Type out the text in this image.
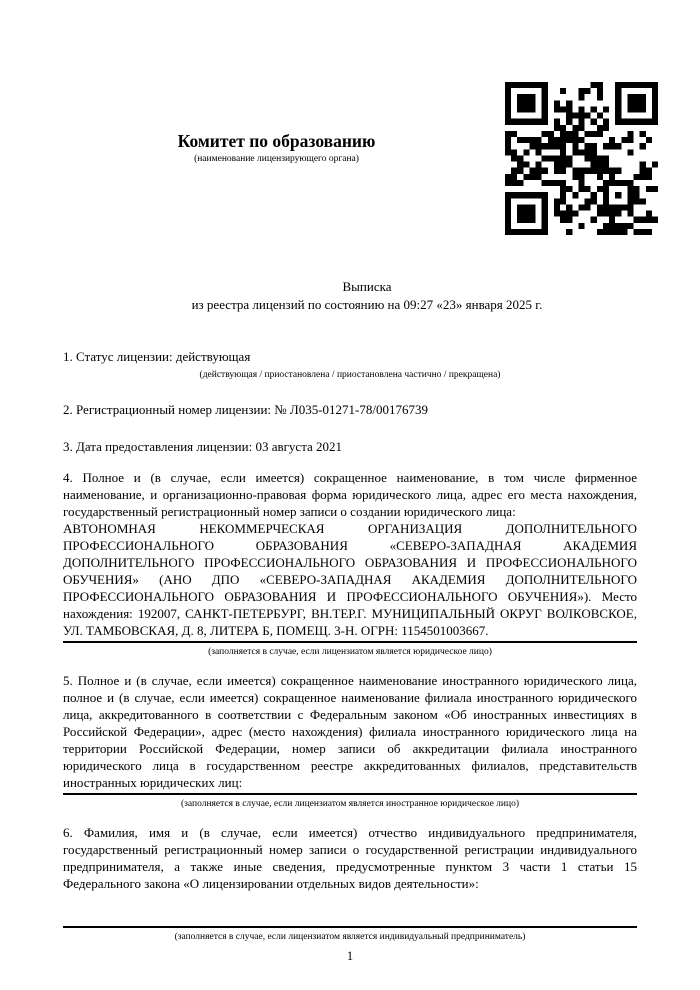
Комитет по образованию
(наименование лицензирующего органа)
Выписка
из реестра лицензий по состоянию на 09:27 «23» января 2025 г.

1. Статус лицензии: действующая

(действующая / приостановлена / приостановлена частично / прекращена)

2. Регистрационный номер лицензии: № Л035-01271-78/00176739

3. Дата предоставления лицензии: 03 августа 2021

4. Полное и (в случае, если имеется) сокращенное наименование, в том числе фирменное наименование, и организационно-правовая форма юридического лица, адрес его места нахождения, государственный регистрационный номер записи о создании юридического лица:

АВТОНОМНАЯ НЕКОММЕРЧЕСКАЯ ОРГАНИЗАЦИЯ ДОПОЛНИТЕЛЬНОГО ПРОФЕССИОНАЛЬНОГО ОБРАЗОВАНИЯ «СЕВЕРО-ЗАПАДНАЯ АКАДЕМИЯ ДОПОЛНИТЕЛЬНОГО ПРОФЕССИОНАЛЬНОГО ОБРАЗОВАНИЯ И ПРОФЕССИОНАЛЬНОГО ОБУЧЕНИЯ» (АНО ДПО «СЕВЕРО-ЗАПАДНАЯ АКАДЕМИЯ ДОПОЛНИТЕЛЬНОГО ПРОФЕССИОНАЛЬНОГО ОБРАЗОВАНИЯ И ПРОФЕССИОНАЛЬНОГО ОБУЧЕНИЯ»). Место нахождения: 192007, САНКТ-ПЕТЕРБУРГ, ВН.ТЕР.Г. МУНИЦИПАЛЬНЫЙ ОКРУГ ВОЛКОВСКОЕ, УЛ. ТАМБОВСКАЯ, Д. 8, ЛИТЕРА Б, ПОМЕЩ. 3-Н. ОГРН: 1154501003667.
(заполняется в случае, если лицензиатом является юридическое лицо)

5. Полное и (в случае, если имеется) сокращенное наименование иностранного юридического лица, полное и (в случае, если имеется) сокращенное наименование филиала иностранного юридического лица, аккредитованного в соответствии с Федеральным законом «Об иностранных инвестициях в Российской Федерации», адрес (место нахождения) филиала иностранного юридического лица на территории Российской Федерации, номер записи об аккредитации филиала иностранного юридического лица в государственном реестре аккредитованных филиалов, представительств иностранных юридических лиц:

(заполняется в случае, если лицензиатом является иностранное юридическое лицо)

6. Фамилия, имя и (в случае, если имеется) отчество индивидуального предпринимателя, государственный регистрационный номер записи о государственной регистрации индивидуального предпринимателя, а также иные сведения, предусмотренные пунктом 3 части 1 статьи 15 Федерального закона «О лицензировании отдельных видов деятельности»:

(заполняется в случае, если лицензиатом является индивидуальный предприниматель)
1
